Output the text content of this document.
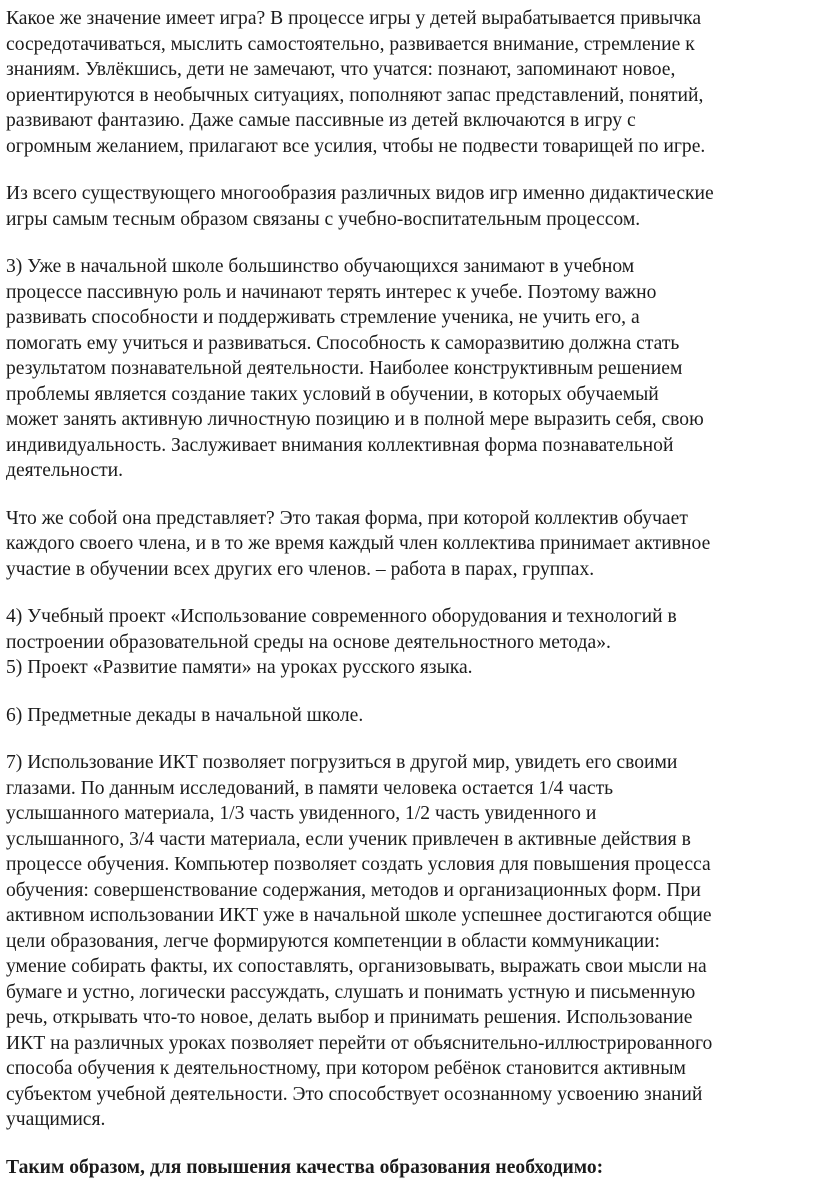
Какое же значение имеет игра? В процессе игры у детей вырабатывается привычка
сосредотачиваться, мыслить самостоятельно, развивается внимание, стремление к
знаниям. Увлёкшись, дети не замечают, что учатся: познают, запоминают новое,
ориентируются в необычных ситуациях, пополняют запас представлений, понятий,
развивают фантазию. Даже самые пассивные из детей включаются в игру с
огромным желанием, прилагают все усилия, чтобы не подвести товарищей по игре.

Из всего существующего многообразия различных видов игр именно дидактические
игры самым тесным образом связаны с учебно-воспитательным процессом.

3) Уже в начальной школе большинство обучающихся занимают в учебном
процессе пассивную роль и начинают терять интерес к учебе. Поэтому важно
развивать способности и поддерживать стремление ученика, не учить его, а
помогать ему учиться и развиваться. Способность к саморазвитию должна стать
результатом познавательной деятельности. Наиболее конструктивным решением
проблемы является создание таких условий в обучении, в которых обучаемый
может занять активную личностную позицию и в полной мере выразить себя, свою
индивидуальность. Заслуживает внимания коллективная форма познавательной
деятельности.

Что же собой она представляет? Это такая форма, при которой коллектив обучает
каждого своего члена, и в то же время каждый член коллектива принимает активное
участие в обучении всех других его членов. – работа в парах, группах.

4) Учебный проект «Использование современного оборудования и технологий в
построении образовательной среды на основе деятельностного метода».

5) Проект «Развитие памяти» на уроках русского языка.

6) Предметные декады в начальной школе.

7) Использование ИКТ позволяет погрузиться в другой мир, увидеть его своими
глазами. По данным исследований, в памяти человека остается 1/4 часть
услышанного материала, 1/3 часть увиденного, 1/2 часть увиденного и
услышанного, 3/4 части материала, если ученик привлечен в активные действия в
процессе обучения. Компьютер позволяет создать условия для повышения процесса
обучения: совершенствование содержания, методов и организационных форм. При
активном использовании ИКТ уже в начальной школе успешнее достигаются общие
цели образования, легче формируются компетенции в области коммуникации:
умение собирать факты, их сопоставлять, организовывать, выражать свои мысли на
бумаге и устно, логически рассуждать, слушать и понимать устную и письменную
речь, открывать что-то новое, делать выбор и принимать решения. Использование
ИКТ на различных уроках позволяет перейти от объяснительно-иллюстрированного
способа обучения к деятельностному, при котором ребёнок становится активным
субъектом учебной деятельности. Это способствует осознанному усвоению знаний
учащимися.

Таким образом, для повышения качества образования необходимо:
